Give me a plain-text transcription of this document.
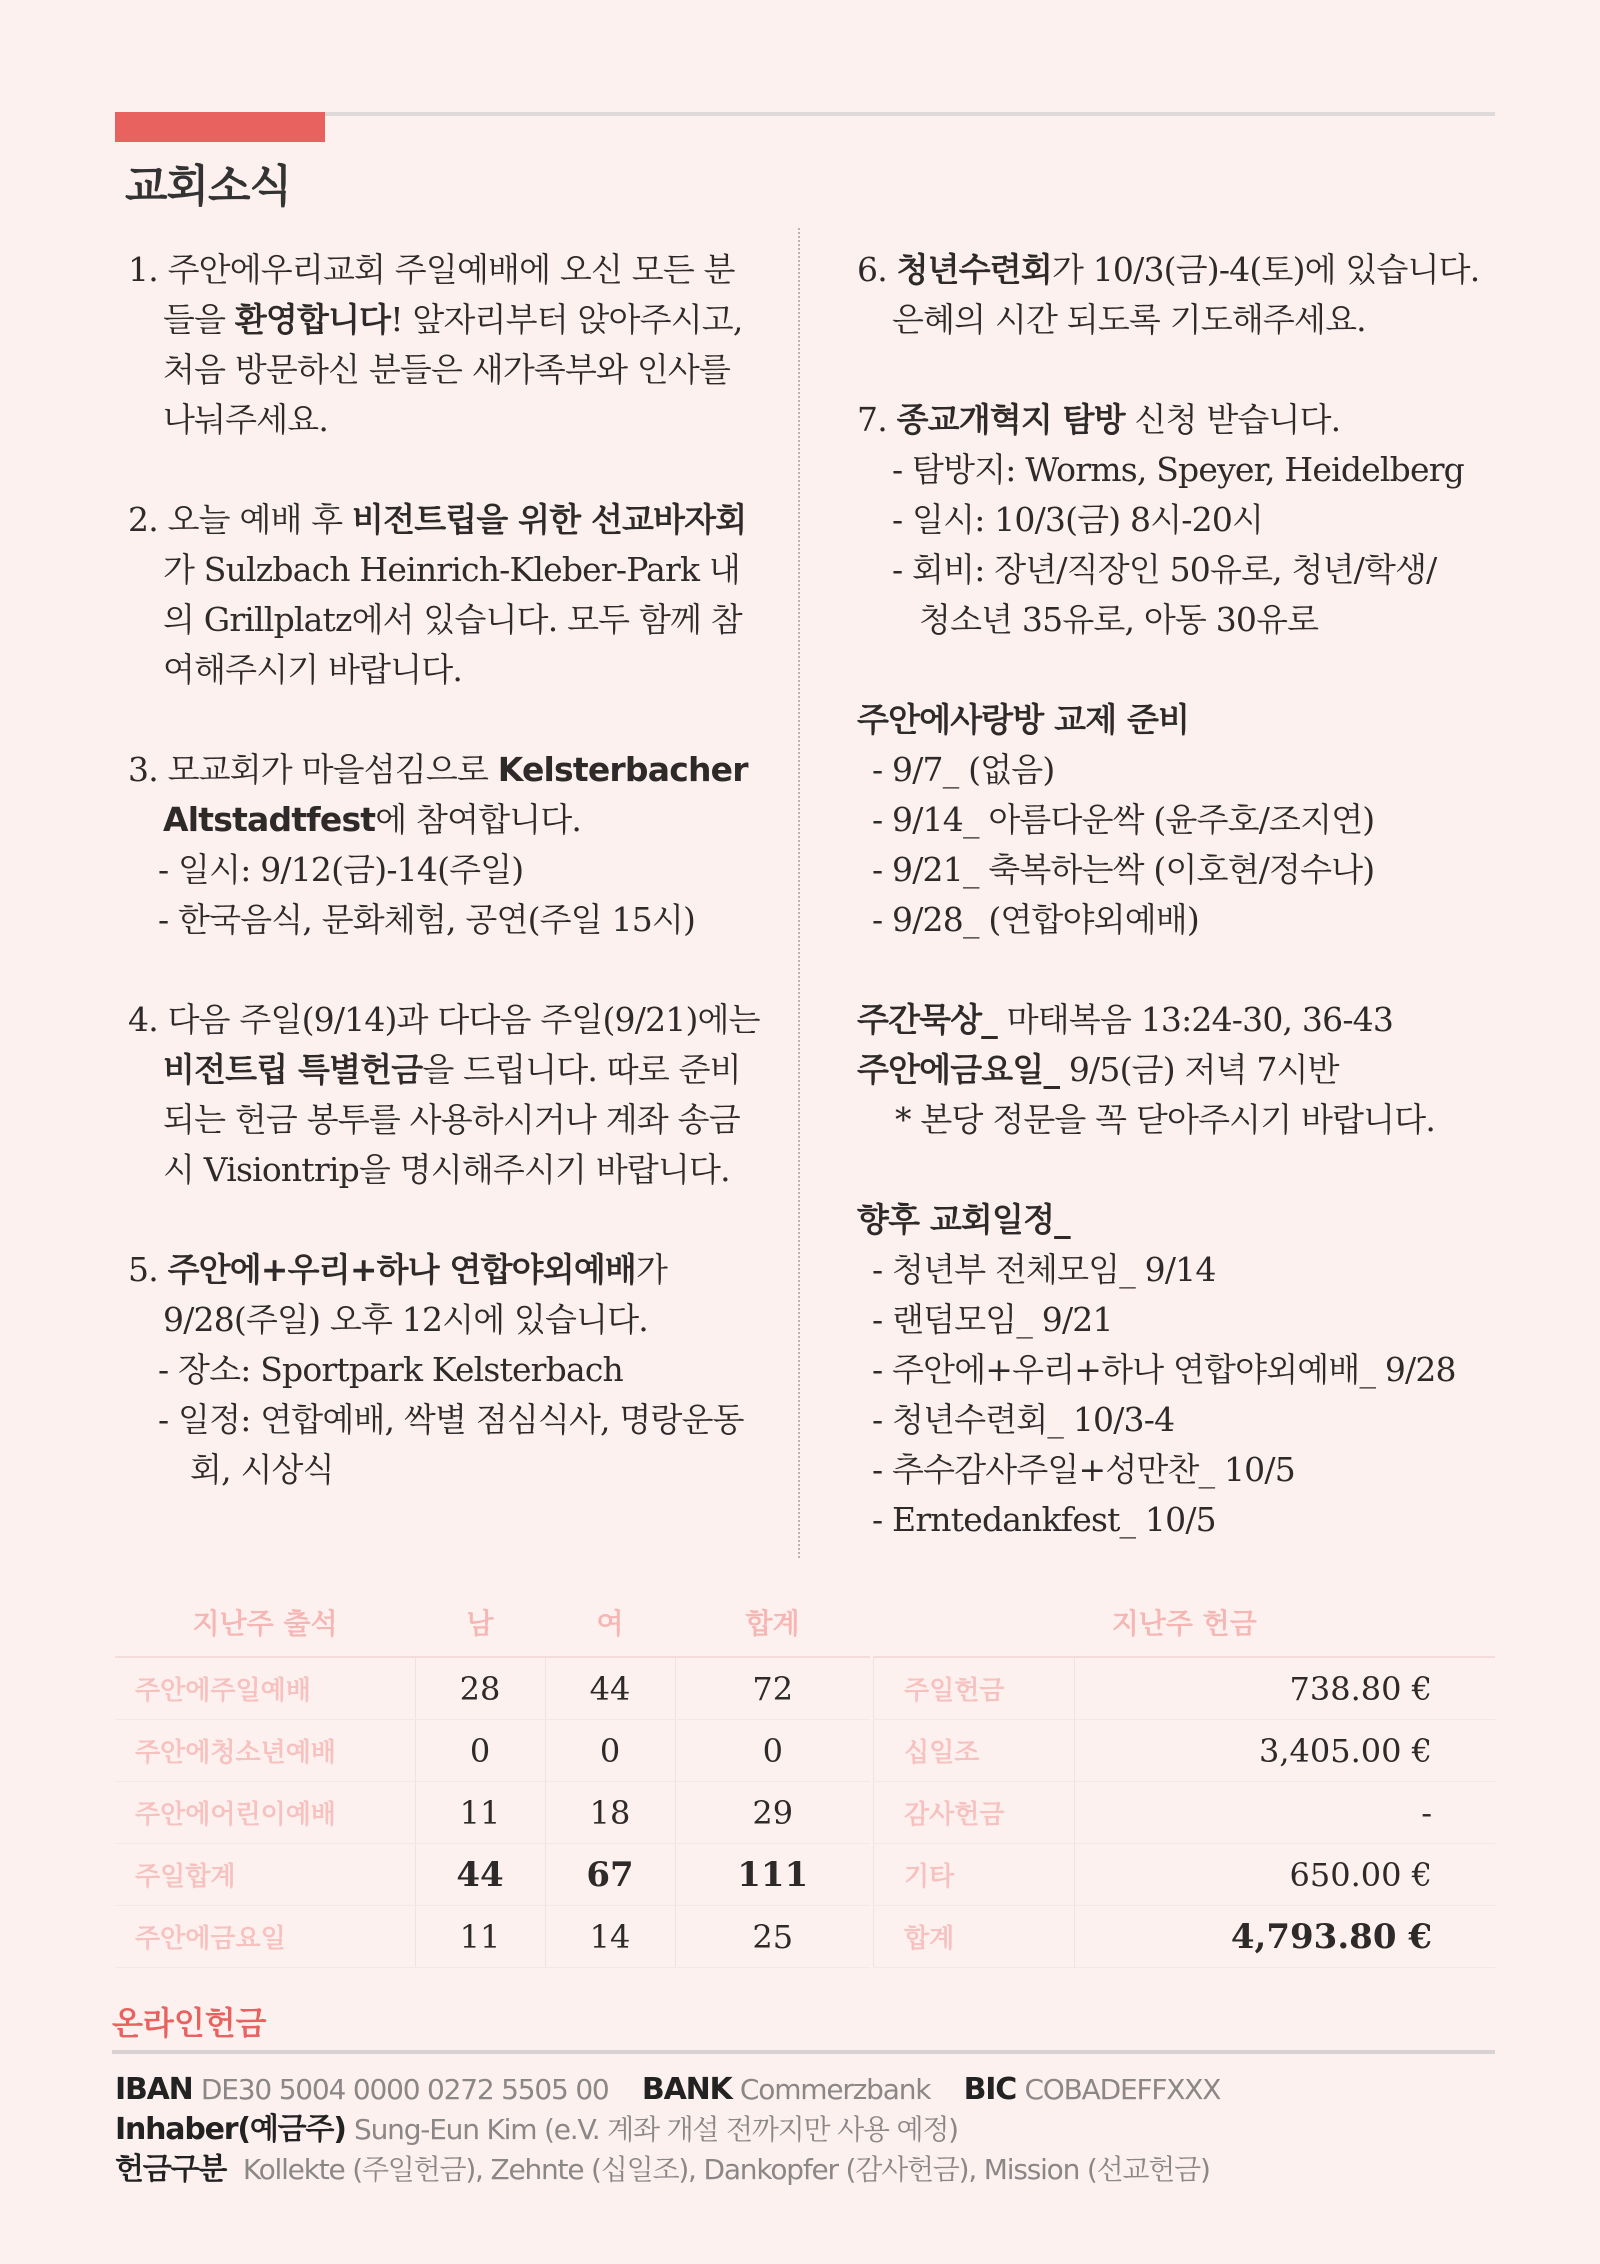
교회소식
1. 주안에우리교회 주일예배에 오신 모든 분
들을 환영합니다! 앞자리부터 앉아주시고,
처음 방문하신 분들은 새가족부와 인사를
나눠주세요.
2. 오늘 예배 후 비전트립을 위한 선교바자회
가 Sulzbach Heinrich-Kleber-Park 내
의 Grillplatz에서 있습니다. 모두 함께 참
여해주시기 바랍니다.
3. 모교회가 마을섬김으로 Kelsterbacher
Altstadtfest에 참여합니다.
- 일시: 9/12(금)-14(주일)
- 한국음식, 문화체험, 공연(주일 15시)
4. 다음 주일(9/14)과 다다음 주일(9/21)에는
비전트립 특별헌금을 드립니다. 따로 준비
되는 헌금 봉투를 사용하시거나 계좌 송금
시 Visiontrip을 명시해주시기 바랍니다.
5. 주안에+우리+하나 연합야외예배가
9/28(주일) 오후 12시에 있습니다.
- 장소: Sportpark Kelsterbach
- 일정: 연합예배, 싹별 점심식사, 명랑운동
회, 시상식
6. 청년수련회가 10/3(금)-4(토)에 있습니다.
은혜의 시간 되도록 기도해주세요.
7. 종교개혁지 탐방 신청 받습니다.
- 탐방지: Worms, Speyer, Heidelberg
- 일시: 10/3(금) 8시-20시
- 회비: 장년/직장인 50유로, 청년/학생/
청소년 35유로, 아동 30유로
주안에사랑방 교제 준비
- 9/7_ (없음)
- 9/14_ 아름다운싹 (윤주호/조지연)
- 9/21_ 축복하는싹 (이호현/정수나)
- 9/28_ (연합야외예배)
주간묵상_ 마태복음 13:24-30, 36-43
주안에금요일_ 9/5(금) 저녁 7시반
* 본당 정문을 꼭 닫아주시기 바랍니다.
향후 교회일정_
- 청년부 전체모임_ 9/14
- 랜덤모임_ 9/21
- 주안에+우리+하나 연합야외예배_ 9/28
- 청년수련회_ 10/3-4
- 추수감사주일+성만찬_ 10/5
- Erntedankfest_ 10/5
지난주 출석	남	여	합계
주안에주일예배	28	44	72
주안에청소년예배	0	0	0
주안에어린이예배	11	18	29
주일합계	44	67	111
주안에금요일	11	14	25
지난주 헌금	
주일헌금	738.80 €
십일조	3,405.00 €
감사헌금	-
기타	650.00 €
합계	4,793.80 €
온라인헌금
IBAN DE30 5004 0000 0272 5505 00 BANK Commerzbank BIC COBADEFFXXX
Inhaber(예금주) Sung-Eun Kim (e.V. 계좌 개설 전까지만 사용 예정)
헌금구분 Kollekte (주일헌금), Zehnte (십일조), Dankopfer (감사헌금), Mission (선교헌금)
